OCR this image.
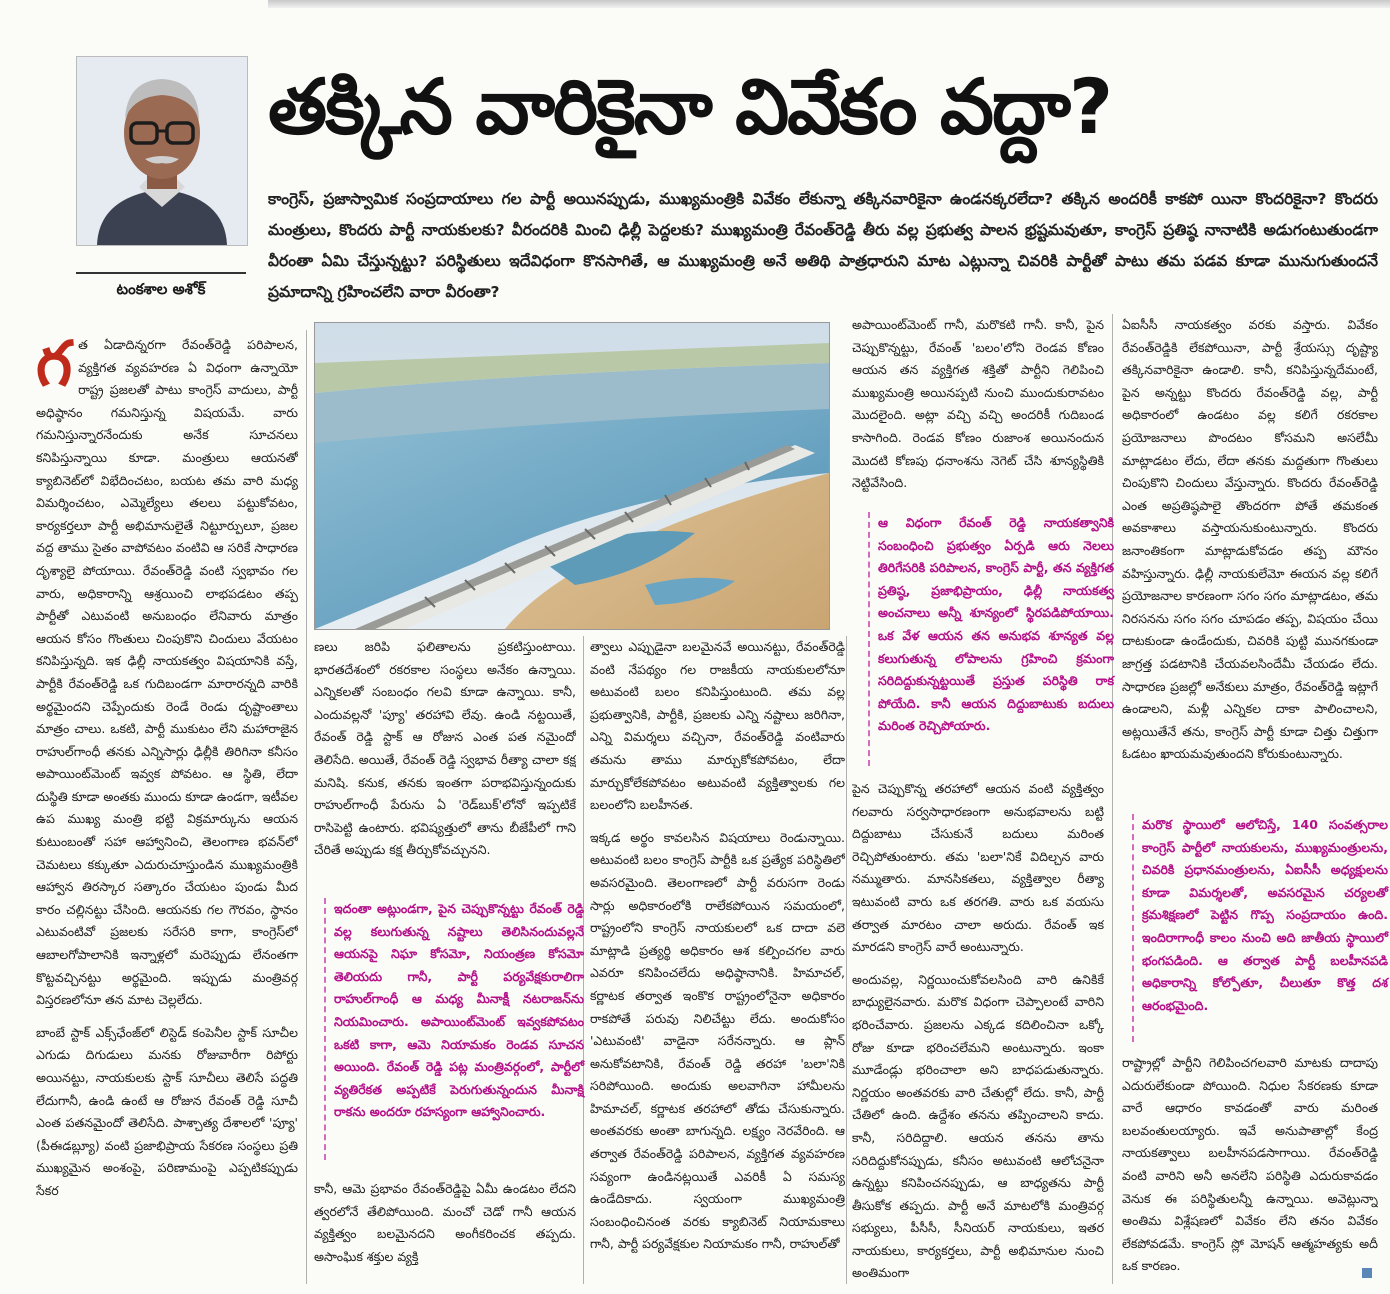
టంకశాల అశోక్
తక్కిన వారికైనా వివేకం వద్దా?
కాంగ్రెస్, ప్రజాస్వామిక సంప్రదాయాలు గల పార్టీ అయినప్పుడు, ముఖ్యమంత్రికి వివేకం లేకున్నా తక్కినవారికైనా ఉండనక్కరలేదా? తక్కిన అందరికీ కాకపో యినా కొందరికైనా? కొందరు మంత్రులు, కొందరు పార్టీ నాయకులకు? వీరందరికి మించి ఢిల్లీ పెద్దలకు? ముఖ్యమంత్రి రేవంత్‌రెడ్డి తీరు వల్ల ప్రభుత్వ పాలన భ్రష్టమవుతూ, కాంగ్రెస్ ప్రతిష్ఠ నానాటికి అడుగంటుతుండగా వీరంతా ఏమి చేస్తున్నట్టు? పరిస్థితులు ఇదేవిధంగా కొనసాగితే, ఆ ముఖ్యమంత్రి అనే అతిథి పాత్రధారుని మాట ఎట్లున్నా చివరికి పార్టీతో పాటు తమ పడవ కూడా మునుగుతుందనే ప్రమాదాన్ని గ్రహించలేని వారా వీరంతా?

గత ఏడాదిన్నరగా రేవంత్‌రెడ్డి పరిపాలన, వ్యక్తిగత వ్యవహరణ ఏ విధంగా ఉన్నాయో రాష్ట్ర ప్రజలతో పాటు కాంగ్రెస్ వాదులు, పార్టీ అధిష్ఠానం గమనిస్తున్న విషయమే. వారు గమనిస్తున్నారనేందుకు అనేక సూచనలు కనిపిస్తున్నాయి కూడా. మంత్రులు ఆయనతో క్యాబినెట్‌లో విభేదించటం, బయట తమ వారి మధ్య విమర్శించటం, ఎమ్మెల్యేలు తలలు పట్టుకోవటం, కార్యకర్తలూ పార్టీ అభిమానులైతే నిట్టూర్పులూ, ప్రజల వద్ద తాము సైతం వాపోవటం వంటివి ఆ సరికే సాధారణ దృశ్యాలై పోయాయి. రేవంత్‌రెడ్డి వంటి స్వభావం గల వారు, అధికారాన్ని ఆశ్రయించి లాభపడటం తప్ప పార్టీతో ఎటువంటి అనుబంధం లేనివారు మాత్రం ఆయన కోసం గొంతులు చింపుకొని చిందులు వేయటం కనిపిస్తున్నది. ఇక ఢిల్లీ నాయకత్వం విషయానికి వస్తే, పార్టీకి రేవంత్‌రెడ్డి ఒక గుదిబండగా మారారన్నది వారికి అర్థమైందని చెప్పేందుకు రెండే రెండు దృష్టాంతాలు మాత్రం చాలు. ఒకటి, పార్టీ ముకుటం లేని మహారాజైన రాహుల్‌గాంధీ తనకు ఎన్నిసార్లు ఢిల్లీకి తిరిగినా కనీసం అపాయింట్‌మెంట్ ఇవ్వక పోవటం. ఆ స్థితి, లేదా దుస్థితి కూడా అంతకు ముందు కూడా ఉండగా, ఇటీవల ఉప ముఖ్య మంత్రి భట్టి విక్రమార్కును ఆయన కుటుంబంతో సహా ఆహ్వానించి, తెలంగాణ భవన్‌లో చెమటలు కక్కుతూ ఎదురుచూస్తుండిన ముఖ్యమంత్రికి ఆహ్వాన తిరస్కార సత్కారం చేయటం పుండు మీద కారం చల్లినట్టు చేసింది. ఆయనకు గల గౌరవం, స్థానం ఎటువంటివో ప్రజలకు సరేసరి కాగా, కాంగ్రెస్‌లో ఆబాలగోపాలానికి ఇన్నాళ్లలో మరెప్పుడు లేనంతగా కొట్టవచ్చినట్టు అర్థమైంది. ఇప్పుడు మంత్రివర్గ విస్తరణలోనూ తన మాట చెల్లలేదు.

బాంబే స్టాక్ ఎక్స్‌ఛేంజ్‌లో లిస్టెడ్ కంపెనీల స్టాక్ సూచీల ఎగుడు దిగుడులు మనకు రోజువారీగా రిపోర్టు అయినట్టు, నాయకులకు స్టాక్ సూచీలు తెలిసే పద్ధతి లేదుగానీ, ఉండి ఉంటే ఆ రోజున రేవంత్ రెడ్డి సూచీ ఎంత పతనమైందో తెలిసేది. పాశ్చాత్య దేశాలలో 'ప్యూ' (పీఈడబ్ల్యూ) వంటి ప్రజాభిప్రాయ సేకరణ సంస్థలు ప్రతి ముఖ్యమైన అంశంపై, పరిణామంపై ఎప్పటికప్పుడు సేకర

ణలు జరిపి ఫలితాలను ప్రకటిస్తుంటాయి. భారతదేశంలో రకరకాల సంస్థలు అనేకం ఉన్నాయి. ఎన్నికలతో సంబంధం గలవి కూడా ఉన్నాయి. కానీ, ఎందువల్లనో 'ప్యూ' తరహావి లేవు. ఉండి నట్టయితే, రేవంత్ రెడ్డి స్టాక్ ఆ రోజున ఎంత పత నమైందో తెలిసేది. అయితే, రేవంత్ రెడ్డి స్వభావ రీత్యా చాలా కక్ష మనిషి. కనుక, తనకు ఇంతగా పరాభవిస్తున్నందుకు రాహుల్‌గాంధీ పేరును ఏ 'రెడ్‌బుక్‌'లోనో ఇప్పటికే రాసిపెట్టి ఉంటారు. భవిష్యత్తులో తాను బీజేపీలో గాని చేరితే అప్పుడు కక్ష తీర్చుకోవచ్చునని.

ఇదంతా అట్లుండగా, పైన చెప్పుకొన్నట్టు రేవంత్ రెడ్డి వల్ల కలుగుతున్న నష్టాలు తెలిసినందువల్లనే ఆయనపై నిఘా కోసమో, నియంత్రణ కోసమో తెలియదు గానీ, పార్టీ పర్యవేక్షకురాలిగా రాహుల్‌గాంధీ ఆ మధ్య మీనాక్షీ నటరాజన్‌ను నియమించారు. అపాయింట్‌మెంట్ ఇవ్వకపోవటం ఒకటి కాగా, ఆమె నియామకం రెండవ సూచన అయింది. రేవంత్ రెడ్డి పట్ల మంత్రివర్గంలో, పార్టీలో వ్యతిరేకత అప్పటికే పెరుగుతున్నందున మీనాక్షి రాకను అందరూ రహస్యంగా ఆహ్వానించారు.

కానీ, ఆమె ప్రభావం రేవంత్‌రెడ్డిపై ఏమీ ఉండటం లేదని త్వరలోనే తేలిపోయింది. మంచో చెడో గానీ ఆయన వ్యక్తిత్వం బలమైనదని అంగీకరించక తప్పదు. అసాంఘిక శక్తుల వ్యక్తి

త్వాలు ఎప్పుడైనా బలమైనవే అయినట్టు, రేవంత్‌రెడ్డి వంటి నేపథ్యం గల రాజకీయ నాయకులలోనూ అటువంటి బలం కనిపిస్తుంటుంది. తమ వల్ల ప్రభుత్వానికి, పార్టీకి, ప్రజలకు ఎన్ని నష్టాలు జరిగినా, ఎన్ని విమర్శలు వచ్చినా, రేవంత్‌రెడ్డి వంటివారు తమను తాము మార్చుకోకపోవటం, లేదా మార్చుకోలేకపోవటం అటువంటి వ్యక్తిత్వాలకు గల బలంలోని బలహీనత.

ఇక్కడ అర్థం కావలసిన విషయాలు రెండున్నాయి. అటువంటి బలం కాంగ్రెస్ పార్టీకి ఒక ప్రత్యేక పరిస్థితిలో అవసరమైంది. తెలంగాణలో పార్టీ వరుసగా రెండు సార్లు అధికారంలోకి రాలేకపోయిన సమయంలో, రాష్ట్రంలోని కాంగ్రెస్ నాయకులలో ఒక దాదా వలె మాట్లాడి ప్రత్యర్థి అధికారం ఆశ కల్పించగల వారు ఎవరూ కనిపించలేదు అధిష్ఠానానికి. హిమాచల్, కర్ణాటక తర్వాత ఇంకొక రాష్ట్రంలోనైనా అధికారం రాకపోతే పరువు నిలిచేట్టు లేదు. అందుకోసం 'ఎటువంటి' వాడైనా సరేనన్నారు. ఆ ప్లాన్ అనుకోవటానికి, రేవంత్ రెడ్డి తరహా 'బలా'నికి సరిపోయింది. అందుకు అలవాగినా హామీలను హిమాచల్, కర్ణాటక తరహాలో తోడు చేసుకున్నారు. అంతవరకు అంతా బాగున్నది. లక్ష్యం నెరవేరింది. ఆ తర్వాత రేవంత్‌రెడ్డి పరిపాలన, వ్యక్తిగత వ్యవహరణ సవ్యంగా ఉండినట్లయితే ఎవరికీ ఏ సమస్య ఉండేదికాదు. స్వయంగా ముఖ్యమంత్రి సంబంధించినంత వరకు క్యాబినెట్ నియామకాలు గానీ, పార్టీ పర్యవేక్షకుల నియామకం గానీ, రాహుల్‌తో

అపాయింట్‌మెంట్ గానీ, మరొకటి గానీ. కానీ, పైన చెప్పుకొన్నట్టు, రేవంత్ 'బలం'లోని రెండవ కోణం ఆయన తన వ్యక్తిగత శక్తితో పార్టీని గెలిపించి ముఖ్యమంత్రి అయినప్పటి నుంచి ముందుకురావటం మొదలైంది. అట్లా వచ్చి వచ్చి అందరికీ గుదిబండ కాసాగింది. రెండవ కోణం రుజాంశ అయినందున మొదటి కోణపు ధనాంశను నెగెట్ చేసి శూన్యస్థితికి నెట్టివేసింది.

ఆ విధంగా రేవంత్ రెడ్డి నాయకత్వానికి సంబంధించి ప్రభుత్వం ఏర్పడి ఆరు నెలలు తిరిగేసరికి పరిపాలన, కాంగ్రెస్ పార్టీ, తన వ్యక్తిగత ప్రతిష్ఠ, ప్రజాభిప్రాయం, ఢిల్లీ నాయకత్వ అంచనాలు అన్నీ శూన్యంలో స్థిరపడిపోయాయి. ఒక వేళ ఆయన తన అనుభవ శూన్యత వల్ల కలుగుతున్న లోపాలను గ్రహించి క్రమంగా సరిదిద్దుకున్నట్టయితే ప్రస్తుత పరిస్థితి రాక పోయేది. కానీ ఆయన దిద్దుబాటుకు బదులు మరింత రెచ్చిపోయారు.

పైన చెప్పుకొన్న తరహాలో ఆయన వంటి వ్యక్తిత్వం గలవారు సర్వసాధారణంగా అనుభవాలను బట్టి దిద్దుబాటు చేసుకునే బదులు మరింత రెచ్చిపోతుంటారు. తమ 'బలా'నికే విదిల్చన వారు నమ్ముతారు. మానసికతలు, వ్యక్తిత్వాల రీత్యా ఇటువంటి వారు ఒక తరగతి. వారు ఒక వయసు తర్వాత మారటం చాలా అరుదు. రేవంత్ ఇక మారడని కాంగ్రెస్ వారే అంటున్నారు.

అందువల్ల, నిర్ణయించుకోవలసింది వారి ఉనికికే బాధ్యులైనవారు. మరొక విధంగా చెప్పాలంటే వారిని భరించేవారు. ప్రజలను ఎక్కడ కదిలించినా ఒక్కో రోజు కూడా భరించలేమని అంటున్నారు. ఇంకా మూడేండ్లు భరించాలా అని బాధపడుతున్నారు. నిర్ణయం అంతవరకు వారి చేతుల్లో లేదు. కానీ, పార్టీ చేతిలో ఉంది. ఉద్దేశం తనను తప్పించాలని కాదు. కానీ, సరిదిద్దాలి. ఆయన తనను తాను సరిదిద్దుకోనప్పుడు, కనీసం అటువంటి ఆలోచనైనా ఉన్నట్టు కనిపించనప్పుడు, ఆ బాధ్యతను పార్టీ తీసుకోక తప్పదు. పార్టీ అనే మాటలోకి మంత్రివర్గ సభ్యులు, పీసీసీ, సీనియర్ నాయకులు, ఇతర నాయకులు, కార్యకర్తలు, పార్టీ అభిమానుల నుంచి అంతిమంగా

ఏఐసీసీ నాయకత్వం వరకు వస్తారు. వివేకం రేవంత్‌రెడ్డికి లేకపోయినా, పార్టీ శ్రేయస్సు దృష్ట్యా తక్కినవారికైనా ఉండాలి. కానీ, కనిపిస్తున్నదేమంటే, పైన అన్నట్టు కొందరు రేవంత్‌రెడ్డి వల్ల, పార్టీ అధికారంలో ఉండటం వల్ల కలిగే రకరకాల ప్రయోజనాలు పొందటం కోసమని అసలేమీ మాట్లాడటం లేదు, లేదా తనకు మద్దతుగా గొంతులు చింపుకొని చిందులు వేస్తున్నారు. కొందరు రేవంత్‌రెడ్డి ఎంత అప్రతిష్ఠపాలై తొందరగా పోతే తమకంత అవకాశాలు వస్తాయనుకుంటున్నారు. కొందరు జనాంతికంగా మాట్లాడుకోవడం తప్ప మౌనం వహిస్తున్నారు. ఢిల్లీ నాయకులేమో ఈయన వల్ల కలిగే ప్రయోజనాల కారణంగా సగం సగం మాట్లాడటం, తమ నిరసనను సగం సగం చూపడం తప్ప, విషయం చేయి దాటకుండా ఉండేందుకు, చివరికి పుట్టి మునగకుండా జాగ్రత్త పడటానికి చేయవలసిందేమీ చేయడం లేదు. సాధారణ ప్రజల్లో అనేకులు మాత్రం, రేవంత్‌రెడ్డి ఇట్లాగే ఉండాలని, మళ్లీ ఎన్నికల దాకా పాలించాలని, అట్లయితేనే తను, కాంగ్రెస్ పార్టీ కూడా చిత్తు చిత్తుగా ఓడటం ఖాయమవుతుందని కోరుకుంటున్నారు.

మరొక స్థాయిలో ఆలోచిస్తే, 140 సంవత్సరాల కాంగ్రెస్ పార్టీలో నాయకులను, ముఖ్యమంత్రులను, చివరికి ప్రధానమంత్రులను, ఏఐసీసీ అధ్యక్షులను కూడా విమర్శలతో, అవసరమైన చర్యలతో క్రమశిక్షణలో పెట్టిన గొప్ప సంప్రదాయం ఉంది. ఇందిరాగాంధీ కాలం నుంచి అది జాతీయ స్థాయిలో భంగపడింది. ఆ తర్వాత పార్టీ బలహీనపడి అధికారాన్ని కోల్పోతూ, చీలుతూ కొత్త దశ ఆరంభమైంది.

రాష్ట్రాల్లో పార్టీని గెలిపించగలవారి మాటకు దాదాపు ఎదురులేకుండా పోయింది. నిధుల సేకరణకు కూడా వారే ఆధారం కావడంతో వారు మరింత బలవంతులయ్యారు. ఇవే అనుపాతాల్లో కేంద్ర నాయకత్వాలు బలహీనపడసాగాయి. రేవంత్‌రెడ్డి వంటి వారిని అనీ అనలేని పరిస్థితి ఎదురుకావడం వెనుక ఈ పరిస్థితులన్నీ ఉన్నాయి. అవెట్లున్నా అంతిమ విశ్లేషణలో వివేకం లేని తనం వివేకం లేకపోవడమే. కాంగ్రెస్ స్లో మోషన్ ఆత్మహత్యకు అదీ ఒక కారణం.
